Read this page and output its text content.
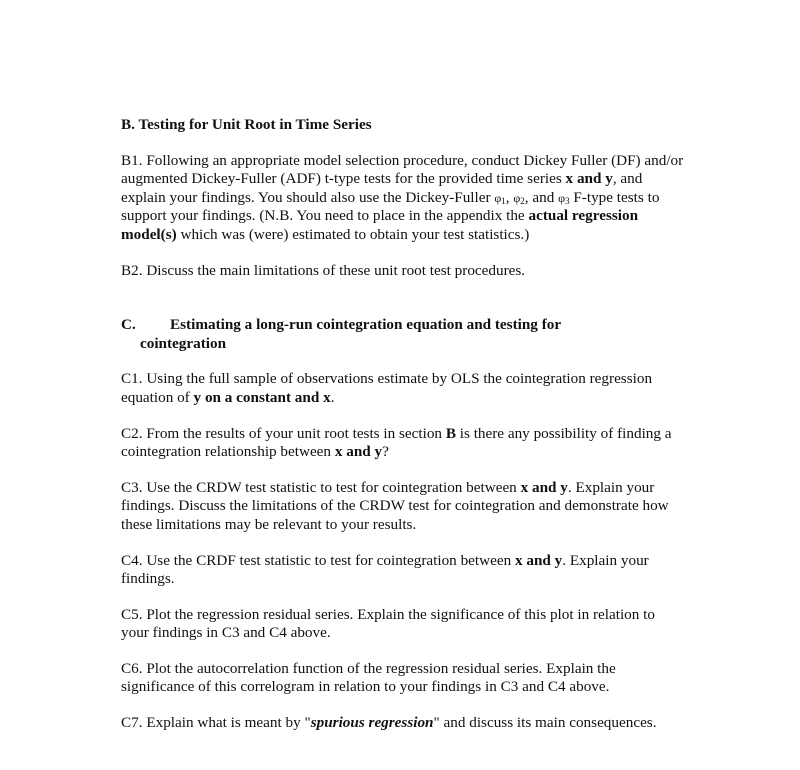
B. Testing for Unit Root in Time Series

B1. Following an appropriate model selection procedure, conduct Dickey Fuller (DF) and/or augmented Dickey-Fuller (ADF) t-type tests for the provided time series x and y, and explain your findings. You should also use the Dickey-Fuller $\varphi_1$, $\varphi_2$, and $\varphi_3$ F-type tests to support your findings. (N.B. You need to place in the appendix the actual regression model(s) which was (were) estimated to obtain your test statistics.)

B2. Discuss the main limitations of these unit root test procedures.

C. Estimating a long-run cointegration equation and testing for
cointegration

C1. Using the full sample of observations estimate by OLS the cointegration regression equation of y on a constant and x.

C2. From the results of your unit root tests in section B is there any possibility of finding a cointegration relationship between x and y?

C3. Use the CRDW test statistic to test for cointegration between x and y. Explain your findings. Discuss the limitations of the CRDW test for cointegration and demonstrate how these limitations may be relevant to your results.

C4. Use the CRDF test statistic to test for cointegration between x and y. Explain your findings.

C5. Plot the regression residual series. Explain the significance of this plot in relation to your findings in C3 and C4 above.

C6. Plot the autocorrelation function of the regression residual series. Explain the significance of this correlogram in relation to your findings in C3 and C4 above.

C7. Explain what is meant by "spurious regression" and discuss its main consequences.
